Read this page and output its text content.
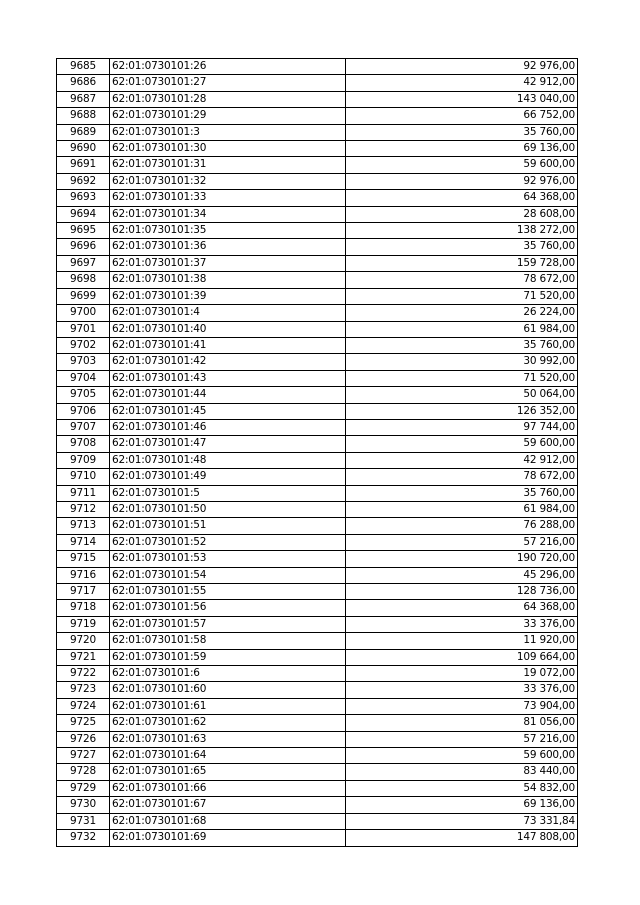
9685	62:01:0730101:26	92 976,00
9686	62:01:0730101:27	42 912,00
9687	62:01:0730101:28	143 040,00
9688	62:01:0730101:29	66 752,00
9689	62:01:0730101:3	35 760,00
9690	62:01:0730101:30	69 136,00
9691	62:01:0730101:31	59 600,00
9692	62:01:0730101:32	92 976,00
9693	62:01:0730101:33	64 368,00
9694	62:01:0730101:34	28 608,00
9695	62:01:0730101:35	138 272,00
9696	62:01:0730101:36	35 760,00
9697	62:01:0730101:37	159 728,00
9698	62:01:0730101:38	78 672,00
9699	62:01:0730101:39	71 520,00
9700	62:01:0730101:4	26 224,00
9701	62:01:0730101:40	61 984,00
9702	62:01:0730101:41	35 760,00
9703	62:01:0730101:42	30 992,00
9704	62:01:0730101:43	71 520,00
9705	62:01:0730101:44	50 064,00
9706	62:01:0730101:45	126 352,00
9707	62:01:0730101:46	97 744,00
9708	62:01:0730101:47	59 600,00
9709	62:01:0730101:48	42 912,00
9710	62:01:0730101:49	78 672,00
9711	62:01:0730101:5	35 760,00
9712	62:01:0730101:50	61 984,00
9713	62:01:0730101:51	76 288,00
9714	62:01:0730101:52	57 216,00
9715	62:01:0730101:53	190 720,00
9716	62:01:0730101:54	45 296,00
9717	62:01:0730101:55	128 736,00
9718	62:01:0730101:56	64 368,00
9719	62:01:0730101:57	33 376,00
9720	62:01:0730101:58	11 920,00
9721	62:01:0730101:59	109 664,00
9722	62:01:0730101:6	19 072,00
9723	62:01:0730101:60	33 376,00
9724	62:01:0730101:61	73 904,00
9725	62:01:0730101:62	81 056,00
9726	62:01:0730101:63	57 216,00
9727	62:01:0730101:64	59 600,00
9728	62:01:0730101:65	83 440,00
9729	62:01:0730101:66	54 832,00
9730	62:01:0730101:67	69 136,00
9731	62:01:0730101:68	73 331,84
9732	62:01:0730101:69	147 808,00
